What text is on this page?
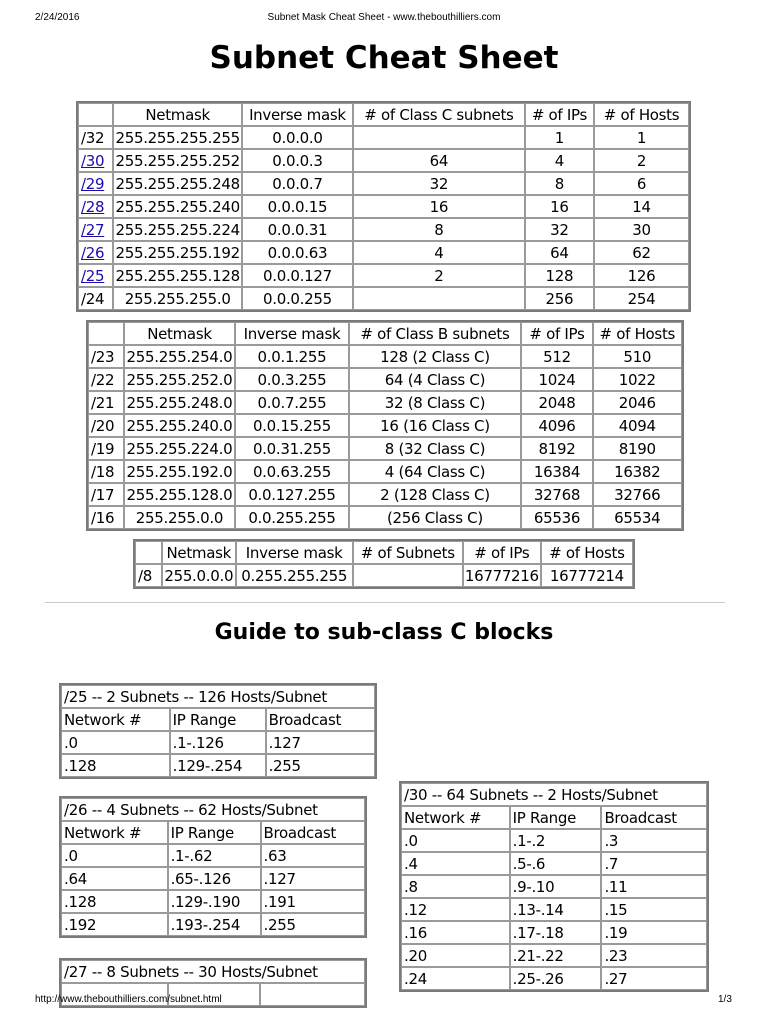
2/24/2016	Subnet Mask Cheat Sheet - www.thebouthilliers.com
Subnet Cheat Sheet
	Netmask	Inverse mask	# of Class C subnets	# of IPs	# of Hosts
/32	255.255.255.255	0.0.0.0		1	1
/30	255.255.255.252	0.0.0.3	64	4	2
/29	255.255.255.248	0.0.0.7	32	8	6
/28	255.255.255.240	0.0.0.15	16	16	14
/27	255.255.255.224	0.0.0.31	8	32	30
/26	255.255.255.192	0.0.0.63	4	64	62
/25	255.255.255.128	0.0.0.127	2	128	126
/24	255.255.255.0	0.0.0.255		256	254
	Netmask	Inverse mask	# of Class B subnets	# of IPs	# of Hosts
/23	255.255.254.0	0.0.1.255	128 (2 Class C)	512	510
/22	255.255.252.0	0.0.3.255	64 (4 Class C)	1024	1022
/21	255.255.248.0	0.0.7.255	32 (8 Class C)	2048	2046
/20	255.255.240.0	0.0.15.255	16 (16 Class C)	4096	4094
/19	255.255.224.0	0.0.31.255	8 (32 Class C)	8192	8190
/18	255.255.192.0	0.0.63.255	4 (64 Class C)	16384	16382
/17	255.255.128.0	0.0.127.255	2 (128 Class C)	32768	32766
/16	255.255.0.0	0.0.255.255	(256 Class C)	65536	65534
	Netmask	Inverse mask	# of Subnets	# of IPs	# of Hosts
/8	255.0.0.0	0.255.255.255		16777216	16777214
Guide to sub-class C blocks
/25 -- 2 Subnets -- 126 Hosts/Subnet		
Network #	IP Range	Broadcast
.0	.1-.126	.127
.128	.129-.254	.255
/26 -- 4 Subnets -- 62 Hosts/Subnet		
Network #	IP Range	Broadcast
.0	.1-.62	.63
.64	.65-.126	.127
.128	.129-.190	.191
.192	.193-.254	.255
/27 -- 8 Subnets -- 30 Hosts/Subnet

/30 -- 64 Subnets -- 2 Hosts/Subnet		
Network #	IP Range	Broadcast
.0	.1-.2	.3
.4	.5-.6	.7
.8	.9-.10	.11
.12	.13-.14	.15
.16	.17-.18	.19
.20	.21-.22	.23
.24	.25-.26	.27
http://www.thebouthilliers.com/subnet.html	1/3
